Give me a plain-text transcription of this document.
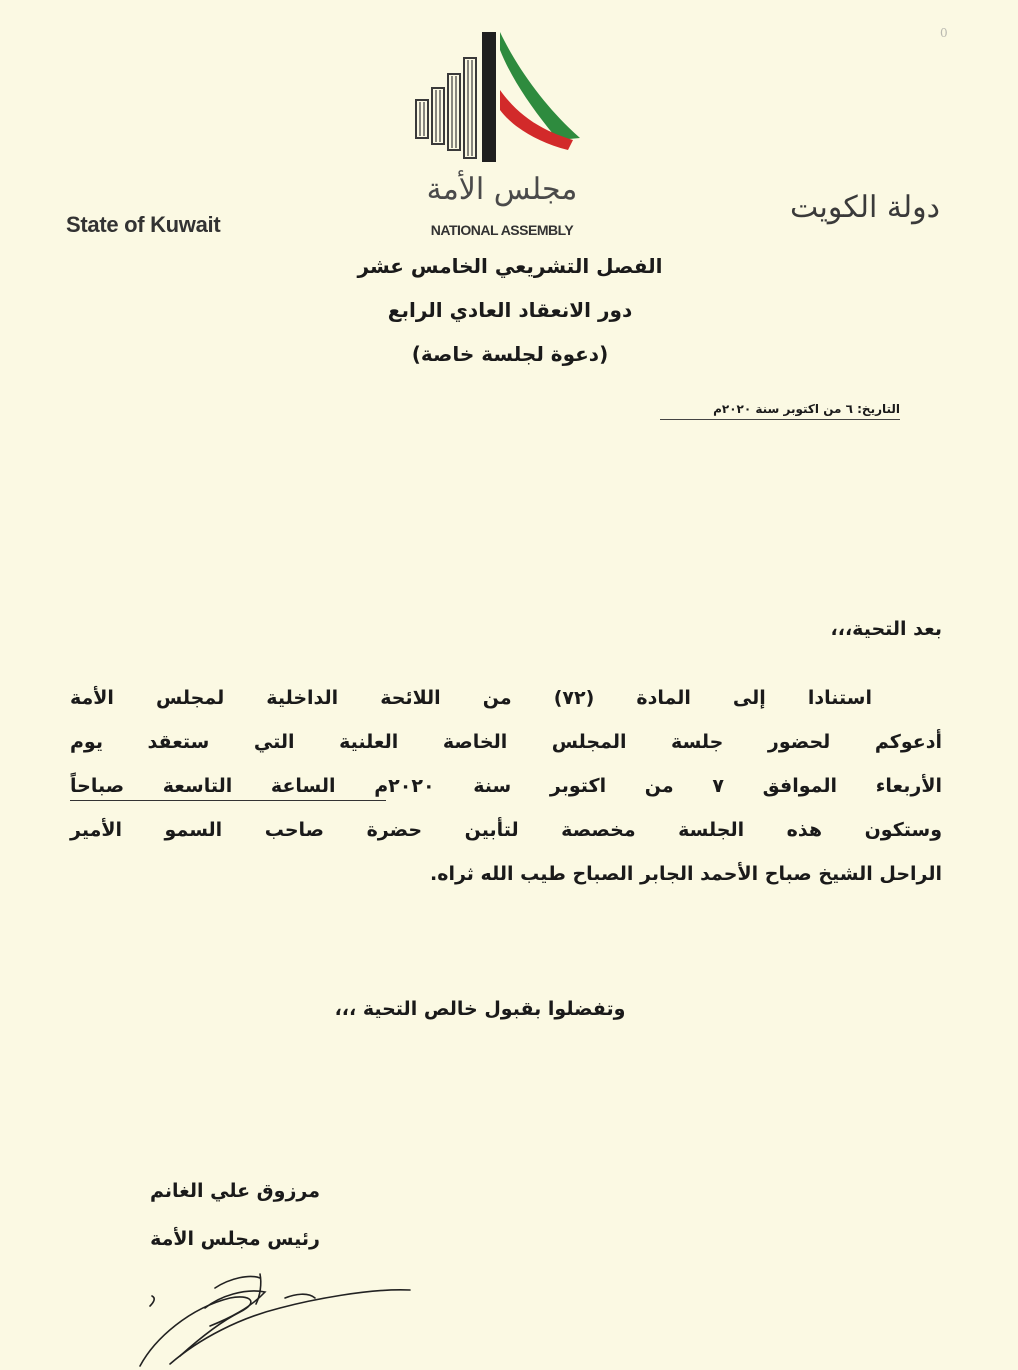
0
State of Kuwait	دولة الكويت
مجلس الأمة
NATIONAL ASSEMBLY
الفصل التشريعي الخامس عشر
دور الانعقاد العادي الرابع
(دعوة لجلسة خاصة)
التاريخ: ٦ من اكتوبر سنة ٢٠٢٠م
بعد التحية،،،
استنادا إلى المادة (٧٢) من اللائحة الداخلية لمجلس الأمة
أدعوكم لحضور جلسة المجلس الخاصة العلنية التي ستعقد يوم
الأربعاء الموافق ٧ من اكتوبر سنة ٢٠٢٠م الساعة التاسعة صباحاً
وستكون هذه الجلسة مخصصة لتأبين حضرة صاحب السمو الأمير
الراحل الشيخ صباح الأحمد الجابر الصباح طيب الله ثراه.
وتفضلوا بقبول خالص التحية ،،،
مرزوق علي الغانم
رئيس مجلس الأمة
